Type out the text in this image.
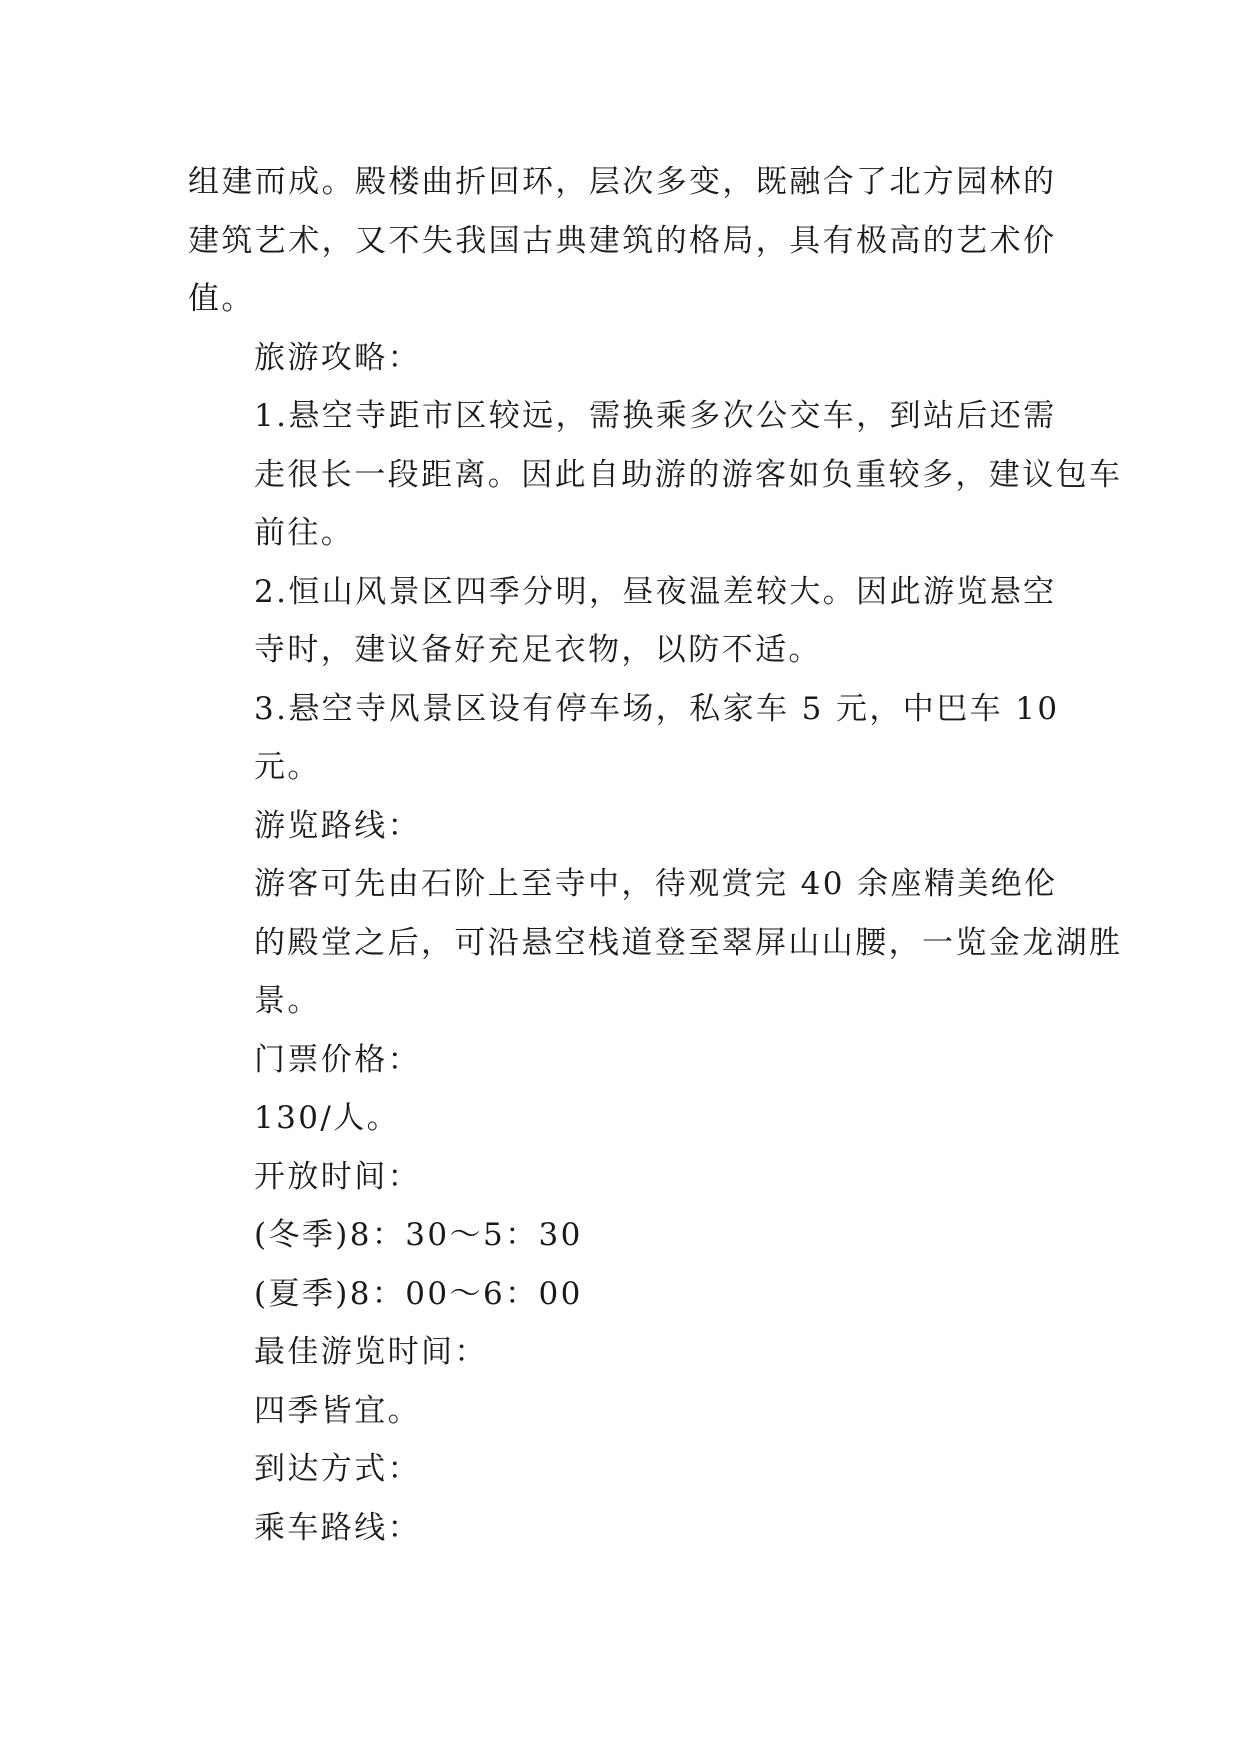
组建而成。殿楼曲折回环，层次多变，既融合了北方园林的
建筑艺术，又不失我国古典建筑的格局，具有极高的艺术价
值。
旅游攻略：
1.悬空寺距市区较远，需换乘多次公交车，到站后还需
走很长一段距离。因此自助游的游客如负重较多，建议包车
前往。
2.恒山风景区四季分明，昼夜温差较大。因此游览悬空
寺时，建议备好充足衣物，以防不适。
3.悬空寺风景区设有停车场，私家车 5 元，中巴车 10
元。
游览路线：
游客可先由石阶上至寺中，待观赏完 40 余座精美绝伦
的殿堂之后，可沿悬空栈道登至翠屏山山腰，一览金龙湖胜
景。
门票价格：
130/人。
开放时间：
(冬季)8：30～5：30
(夏季)8：00～6：00
最佳游览时间：
四季皆宜。
到达方式：
乘车路线：
